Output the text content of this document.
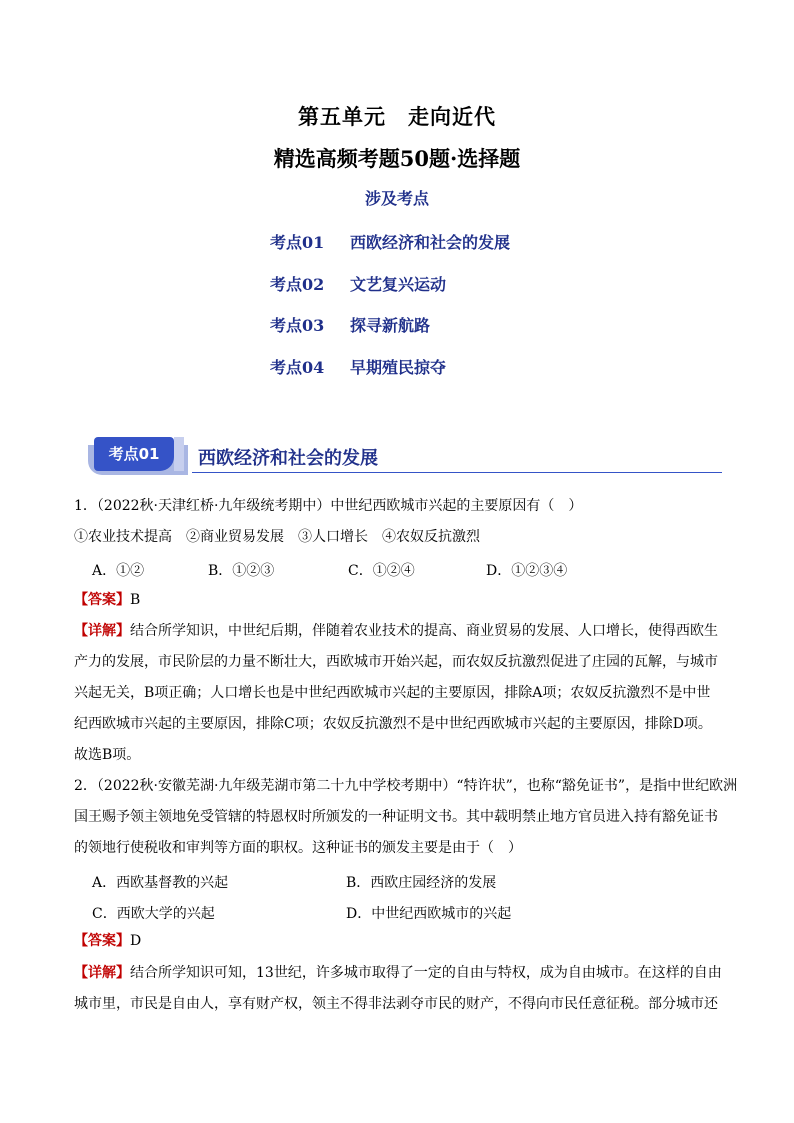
第五单元　走向近代
精选高频考题50题·选择题
涉及考点
考点01 西欧经济和社会的发展
考点02 文艺复兴运动
考点03 探寻新航路
考点04 早期殖民掠夺
考点01	西欧经济和社会的发展
1．（2022秋·天津红桥·九年级统考期中）中世纪西欧城市兴起的主要原因有（　）
①农业技术提高　②商业贸易发展　③人口增长　④农奴反抗激烈
A．①②	B．①②③	C．①②④	D．①②③④
【答案】B
【详解】结合所学知识，中世纪后期，伴随着农业技术的提高、商业贸易的发展、人口增长，使得西欧生
产力的发展，市民阶层的力量不断壮大，西欧城市开始兴起，而农奴反抗激烈促进了庄园的瓦解，与城市
兴起无关，B项正确；人口增长也是中世纪西欧城市兴起的主要原因，排除A项；农奴反抗激烈不是中世
纪西欧城市兴起的主要原因，排除C项；农奴反抗激烈不是中世纪西欧城市兴起的主要原因，排除D项。
故选B项。
2．（2022秋·安徽芜湖·九年级芜湖市第二十九中学校考期中）“特许状”，也称“豁免证书”，是指中世纪欧洲
国王赐予领主领地免受管辖的特恩权时所颁发的一种证明文书。其中载明禁止地方官员进入持有豁免证书
的领地行使税收和审判等方面的职权。这种证书的颁发主要是由于（　）
A．西欧基督教的兴起	B．西欧庄园经济的发展
C．西欧大学的兴起	D．中世纪西欧城市的兴起
【答案】D
【详解】结合所学知识可知，13世纪，许多城市取得了一定的自由与特权，成为自由城市。在这样的自由
城市里，市民是自由人，享有财产权，领主不得非法剥夺市民的财产，不得向市民任意征税。部分城市还
